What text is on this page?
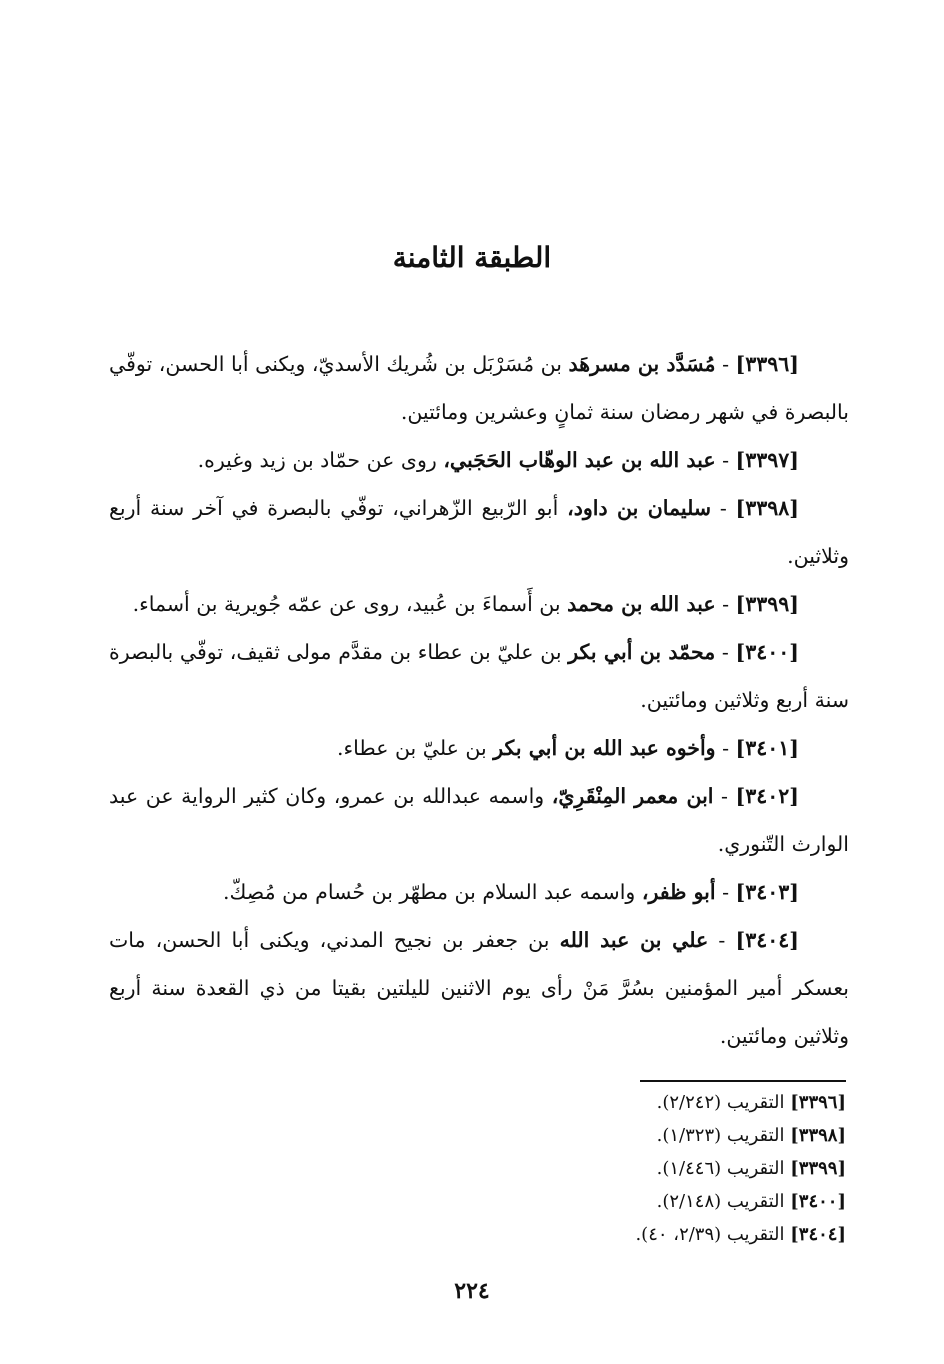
الطبقة الثامنة

[٣٣٩٦] - مُسَدَّد بن مسرهَد بن مُسَرْبَل بن شُريك الأسديّ، ويكنى أبا الحسن، توفّي بالبصرة في شهر رمضان سنة ثمانٍ وعشرين ومائتين.

[٣٣٩٧] - عبد الله بن عبد الوهّاب الحَجَبي، روى عن حمّاد بن زيد وغيره.

[٣٣٩٨] - سليمان بن داود، أبو الرّبيع الزّهراني، توفّي بالبصرة في آخر سنة أربع وثلاثين.

[٣٣٩٩] - عبد الله بن محمد بن أَسماءَ بن عُبيد، روى عن عمّه جُويرية بن أسماء.

[٣٤٠٠] - محمّد بن أبي بكر بن عليّ بن عطاء بن مقدَّم مولى ثقيف، توفّي بالبصرة سنة أربع وثلاثين ومائتين.

[٣٤٠١] - وأخوه عبد الله بن أبي بكر بن عليّ بن عطاء.

[٣٤٠٢] - ابن معمر المِنْقَرِيّ، واسمه عبدالله بن عمرو، وكان كثير الرواية عن عبد الوارث التّنوري.

[٣٤٠٣] - أبو ظفر، واسمه عبد السلام بن مطهّر بن حُسام من مُصِكّ.

[٣٤٠٤] - علي بن عبد الله بن جعفر بن نجيح المدني، ويكنى أبا الحسن، مات بعسكر أمير المؤمنين بسُرَّ مَنْ رأى يوم الاثنين لليلتين بقيتا من ذي القعدة سنة أربع وثلاثين ومائتين.

[٣٣٩٦] التقريب (٢/٢٤٢).

[٣٣٩٨] التقريب (١/٣٢٣).

[٣٣٩٩] التقريب (١/٤٤٦).

[٣٤٠٠] التقريب (٢/١٤٨).

[٣٤٠٤] التقريب (٢/٣٩، ٤٠).

٢٢٤
